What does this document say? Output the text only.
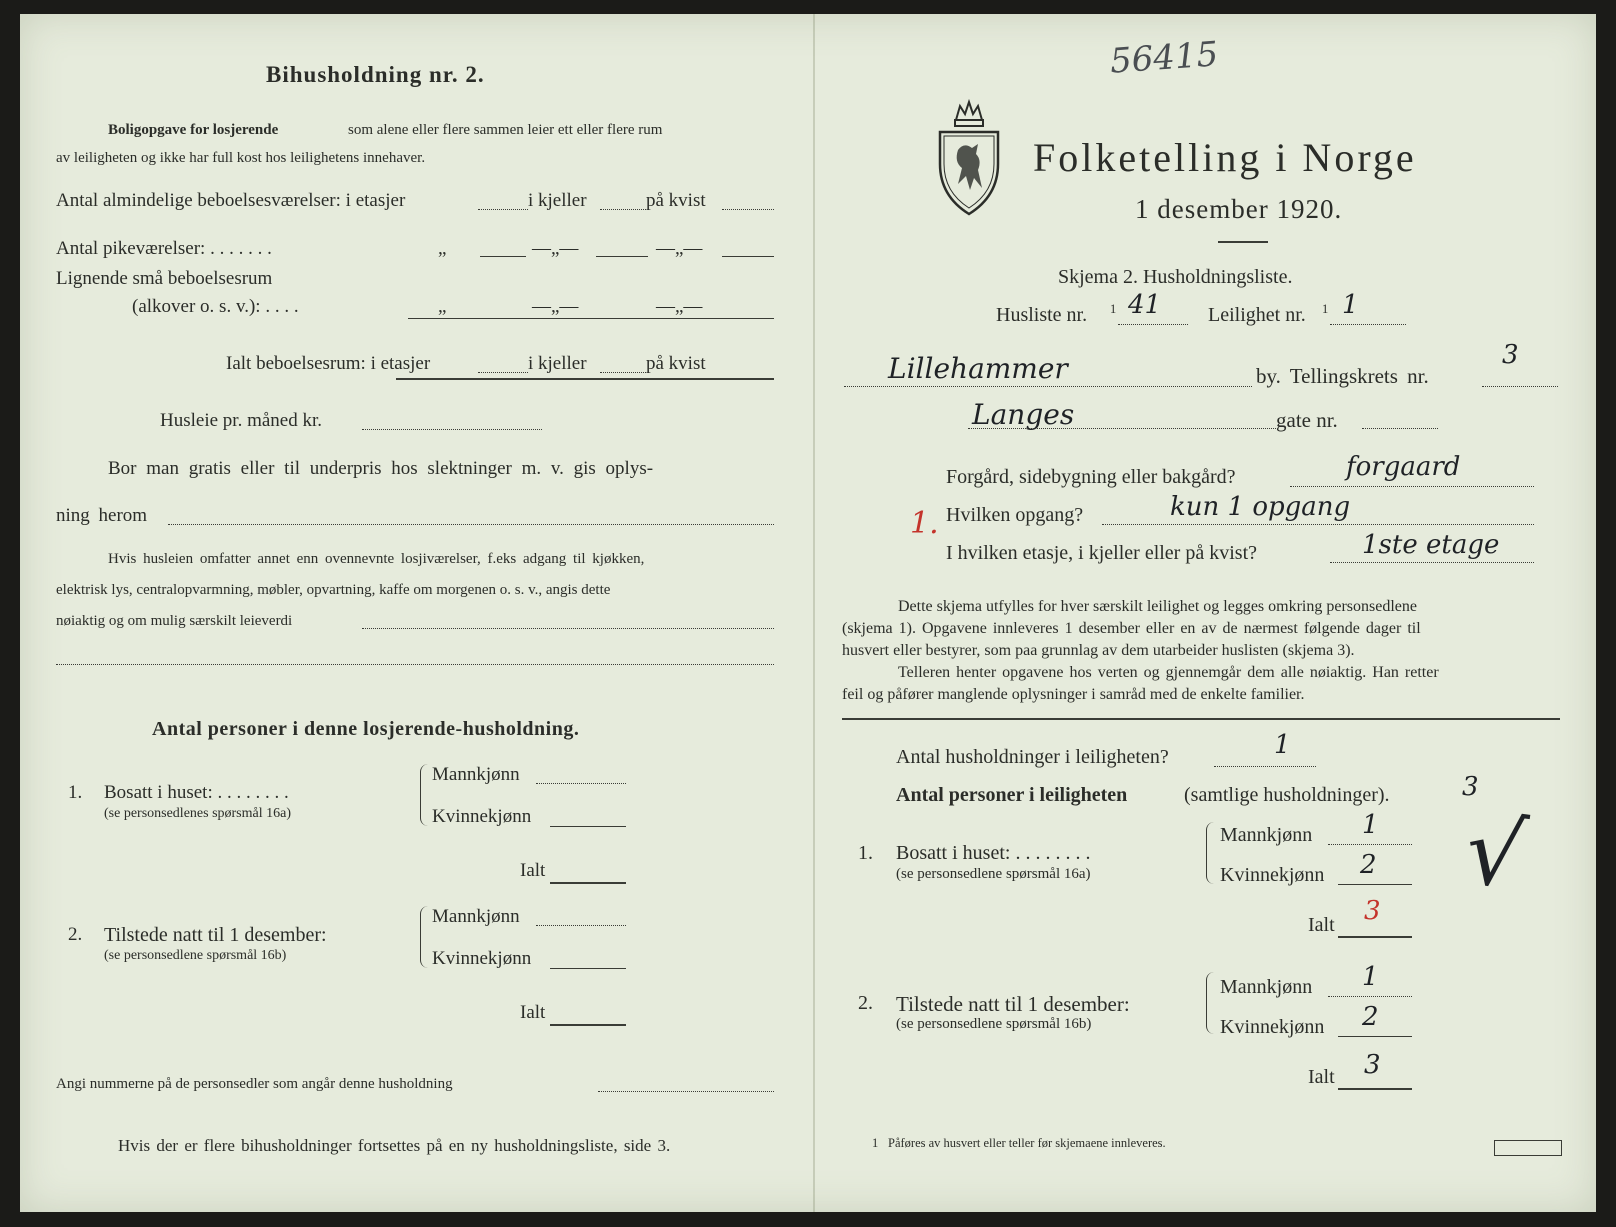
Bihusholdning nr. 2.
Boligopgave for losjerende	som alene eller flere sammen leier ett eller flere rum
av leiligheten og ikke har full kost hos leilighetens innehaver.
Antal almindelige beboelsesværelser: i etasjer	i kjeller	på kvist
Antal pikeværelser: . . . . . . .	„	—„—	—„—
Lignende små beboelsesrum
(alkover o. s. v.): . . . .	„	—„—	—„—
Ialt beboelsesrum: i etasjer	i kjeller	på kvist
Husleie pr. måned kr.
Bor man gratis eller til underpris hos slektninger m. v. gis oplys-
ning herom
Hvis husleien omfatter annet enn ovennevnte losjiværelser, f.eks adgang til kjøkken,
elektrisk lys, centralopvarmning, møbler, opvartning, kaffe om morgenen o. s. v., angis dette
nøiaktig og om mulig særskilt leieverdi
Antal personer i denne losjerende-husholdning.
1. Bosatt i huset: . . . . . . . .
(se personsedlenes spørsmål 16a)
Mannkjønn
Kvinnekjønn
Ialt
2. Tilstede natt til 1 desember:
(se personsedlene spørsmål 16b)
Mannkjønn
Kvinnekjønn
Ialt
Angi nummerne på de personsedler som angår denne husholdning
Hvis der er flere bihusholdninger fortsettes på en ny husholdningsliste, side 3.
56415
Folketelling i Norge
1 desember 1920.
Skjema 2. Husholdningsliste.
Husliste nr. 1 41 Leilighet nr. 1 1
Lillehammer	by. Tellingskrets nr.
3
Langes	gate nr.
Forgård, sidebygning eller bakgård?	forgaard
1. Hvilken opgang?	kun 1 opgang
I hvilken etasje, i kjeller eller på kvist?	1ste etage
Dette skjema utfylles for hver særskilt leilighet og legges omkring personsedlene
(skjema 1). Opgavene innleveres 1 desember eller en av de nærmest følgende dager til
husvert eller bestyrer, som paa grunnlag av dem utarbeider huslisten (skjema 3).
Telleren henter opgavene hos verten og gjennemgår dem alle nøiaktig. Han retter
feil og påfører manglende oplysninger i samråd med de enkelte familier.
Antal husholdninger i leiligheten?	1
Antal personer i leiligheten	(samtlige husholdninger).	3
√
1. Bosatt i huset: . . . . . . . .
(se personsedlene spørsmål 16a)
Mannkjønn 1
Kvinnekjønn 2
Ialt 3
2. Tilstede natt til 1 desember:
(se personsedlene spørsmål 16b)
Mannkjønn 1
Kvinnekjønn 2
Ialt 3
1 Påføres av husvert eller teller før skjemaene innleveres.
